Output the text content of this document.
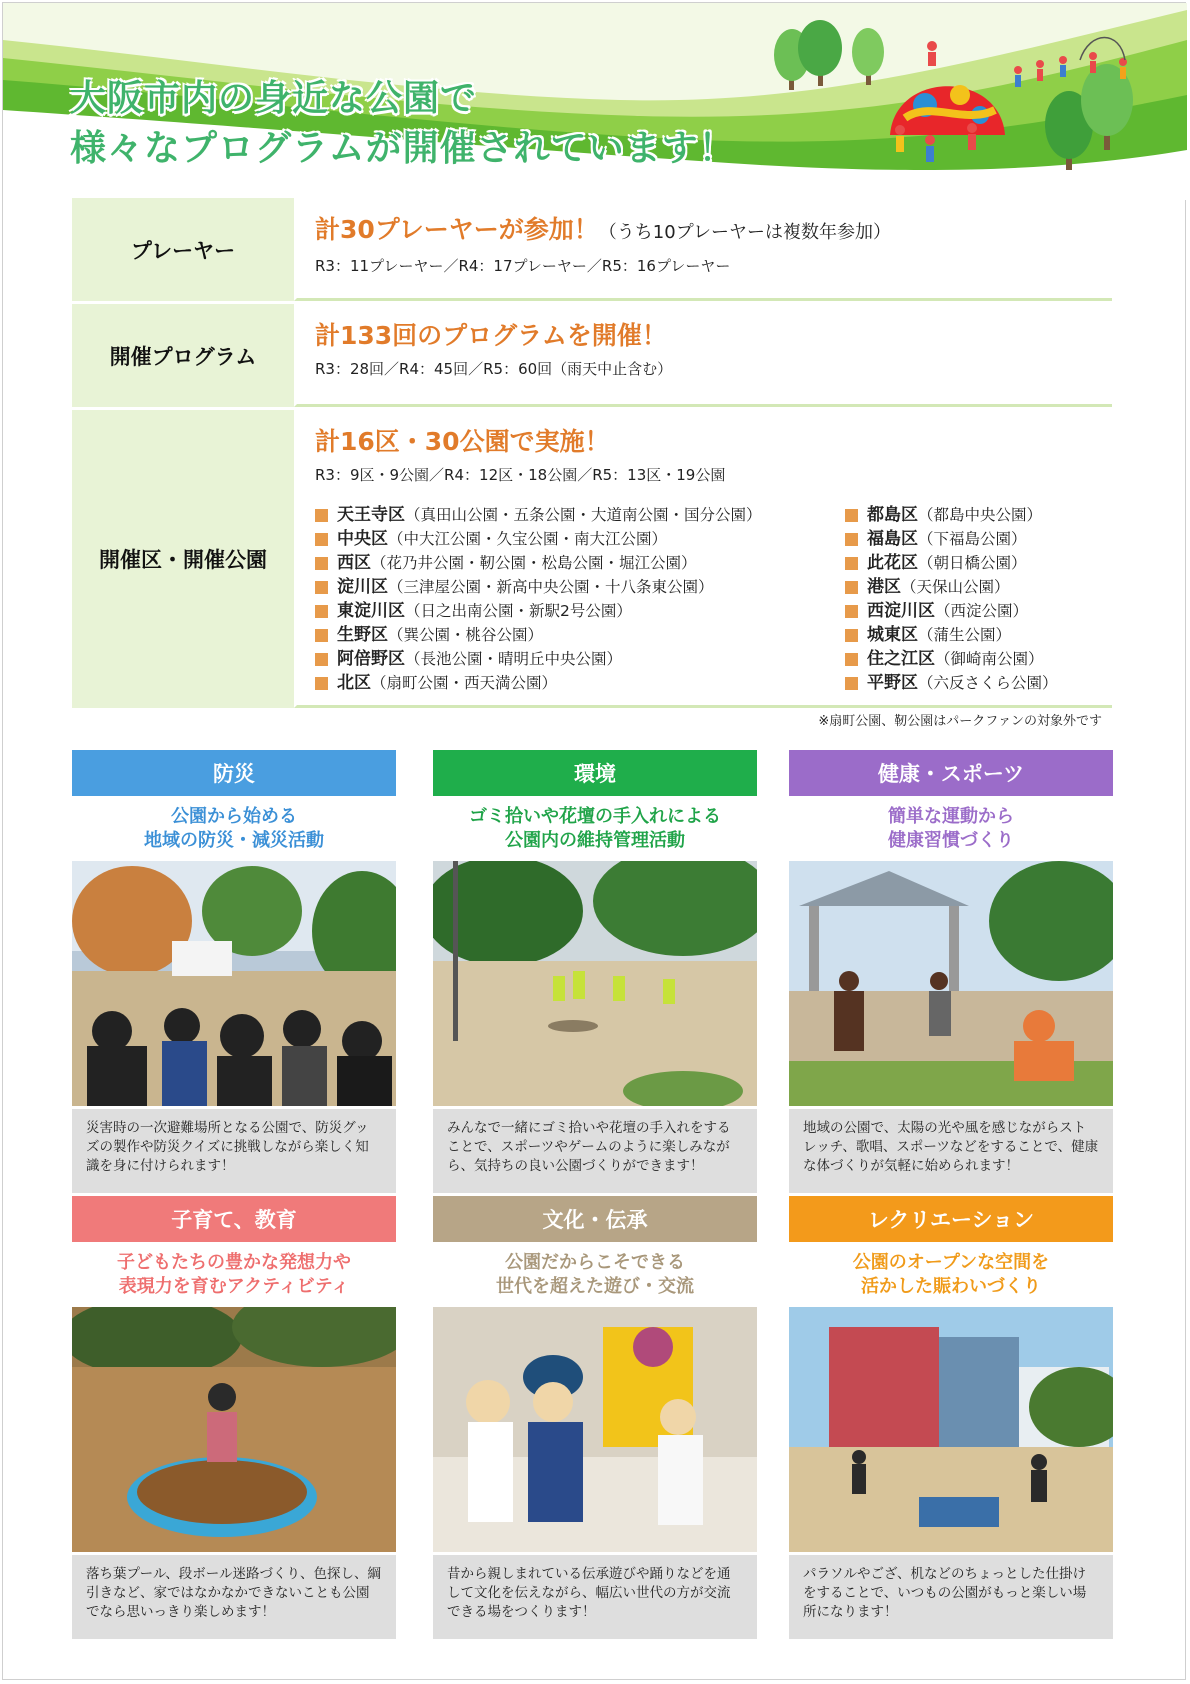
大阪市内の身近な公園で
様々なプログラムが開催されています！
プレーヤー
計30プレーヤーが参加！（うち10プレーヤーは複数年参加）
R3：11プレーヤー／R4：17プレーヤー／R5：16プレーヤー
開催プログラム
計133回のプログラムを開催！
R3：28回／R4：45回／R5：60回（雨天中止含む）
開催区・開催公園
計16区・30公園で実施！
R3：9区・9公園／R4：12区・18公園／R5：13区・19公園
天王寺区 （真田山公園・五条公園・大道南公園・国分公園）
中央区 （中大江公園・久宝公園・南大江公園）
西区 （花乃井公園・靭公園・松島公園・堀江公園）
淀川区 （三津屋公園・新高中央公園・十八条東公園）
東淀川区 （日之出南公園・新駅2号公園）
生野区 （巽公園・桃谷公園）
阿倍野区 （長池公園・晴明丘中央公園）
北区 （扇町公園・西天満公園）
都島区 （都島中央公園）
福島区 （下福島公園）
此花区 （朝日橋公園）
港区 （天保山公園）
西淀川区 （西淀公園）
城東区 （蒲生公園）
住之江区 （御崎南公園）
平野区 （六反さくら公園）
※扇町公園、靭公園はパークファンの対象外です
防災
公園から始める
地域の防災・減災活動
災害時の一次避難場所となる公園で、防災グッズの製作や防災クイズに挑戦しながら楽しく知識を身に付けられます！
環境
ゴミ拾いや花壇の手入れによる
公園内の維持管理活動
みんなで一緒にゴミ拾いや花壇の手入れをすることで、スポーツやゲームのように楽しみながら、気持ちの良い公園づくりができます！
健康・スポーツ
簡単な運動から
健康習慣づくり
地域の公園で、太陽の光や風を感じながらストレッチ、歌唱、スポーツなどをすることで、健康な体づくりが気軽に始められます！
子育て、教育
子どもたちの豊かな発想力や
表現力を育むアクティビティ
落ち葉プール、段ボール迷路づくり、色探し、綱引きなど、家ではなかなかできないことも公園でなら思いっきり楽しめます！
文化・伝承
公園だからこそできる
世代を超えた遊び・交流
昔から親しまれている伝承遊びや踊りなどを通して文化を伝えながら、幅広い世代の方が交流できる場をつくります！
レクリエーション
公園のオープンな空間を
活かした賑わいづくり
パラソルやござ、机などのちょっとした仕掛けをすることで、いつもの公園がもっと楽しい場所になります！
